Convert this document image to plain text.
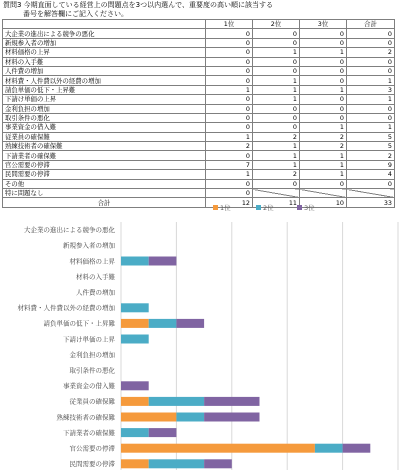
質問3 今期直面している経営上の問題点を3つ以内選んで、重要度の高い順に該当する
番号を解答欄にご記入ください。
	1位	2位	3位	合計
大企業の進出による競争の悪化	0	0	0	0
新規参入者の増加	0	0	0	0
材料価格の上昇	0	1	1	2
材料の入手難	0	0	0	0
人件費の増加	0	0	0	0
材料費・人件費以外の経費の増加	0	1	0	1
請負単価の低下・上昇難	1	1	1	3
下請け単価の上昇	0	1	0	1
金利負担の増加	0	0	0	0
取引条件の悪化	0	0	0	0
事業資金の借入難	0	0	1	1
従業員の確保難	1	2	2	5
熟練技術者の確保難	2	1	2	5
下請業者の確保難	0	1	1	2
官公需要の停滞	7	1	1	9
民間需要の停滞	1	2	1	4
その他	0	0	0	0
特に問題なし	0			
合計	12	11	10	33
1位	2位	3位
大企業の進出による競争の悪化
新規参入者の増加
材料価格の上昇
材料の入手難
人件費の増加
材料費・人件費以外の経費の増加
請負単価の低下・上昇難
下請け単価の上昇
金利負担の増加
取引条件の悪化
事業資金の借入難
従業員の確保難
熟練技術者の確保難
下請業者の確保難
官公需要の停滞
民間需要の停滞
